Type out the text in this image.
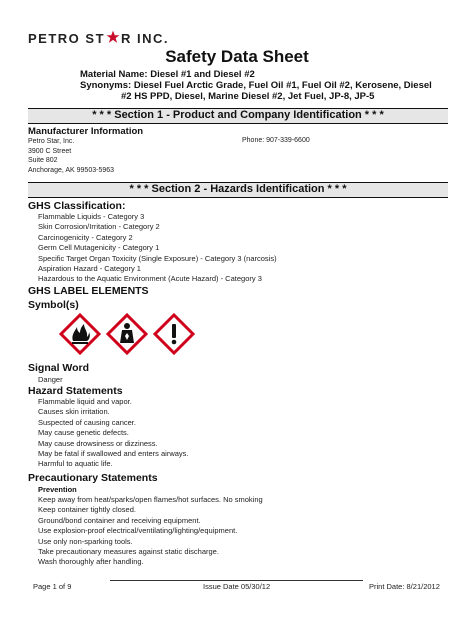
PETRO ST R INC.
Safety Data Sheet
Material Name: Diesel #1 and Diesel #2
Synonyms: Diesel Fuel Arctic Grade, Fuel Oil #1, Fuel Oil #2, Kerosene, Diesel
#2 HS PPD, Diesel, Marine Diesel #2, Jet Fuel, JP-8, JP-5
* * * Section 1 - Product and Company Identification * * *
Manufacturer Information
Petro Star, Inc.
3900 C Street
Suite 802
Anchorage, AK 99503-5963
Phone: 907-339-6600
* * * Section 2 - Hazards Identification * * *
GHS Classification:
Flammable Liquids - Category 3
Skin Corrosion/Irritation - Category 2
Carcinogenicity - Category 2
Germ Cell Mutagenicity - Category 1
Specific Target Organ Toxicity (Single Exposure) - Category 3 (narcosis)
Aspiration Hazard - Category 1
Hazardous to the Aquatic Environment (Acute Hazard) - Category 3
GHS LABEL ELEMENTS
Symbol(s)
Signal Word
Danger
Hazard Statements
Flammable liquid and vapor.
Causes skin irritation.
Suspected of causing cancer.
May cause genetic defects.
May cause drowsiness or dizziness.
May be fatal if swallowed and enters airways.
Harmful to aquatic life.
Precautionary Statements
Prevention
Keep away from heat/sparks/open flames/hot surfaces. No smoking
Keep container tightly closed.
Ground/bond container and receiving equipment.
Use explosion-proof electrical/ventilating/lighting/equipment.
Use only non-sparking tools.
Take precautionary measures against static discharge.
Wash thoroughly after handling.
Page 1 of 9	Issue Date 05/30/12	Print Date: 8/21/2012
